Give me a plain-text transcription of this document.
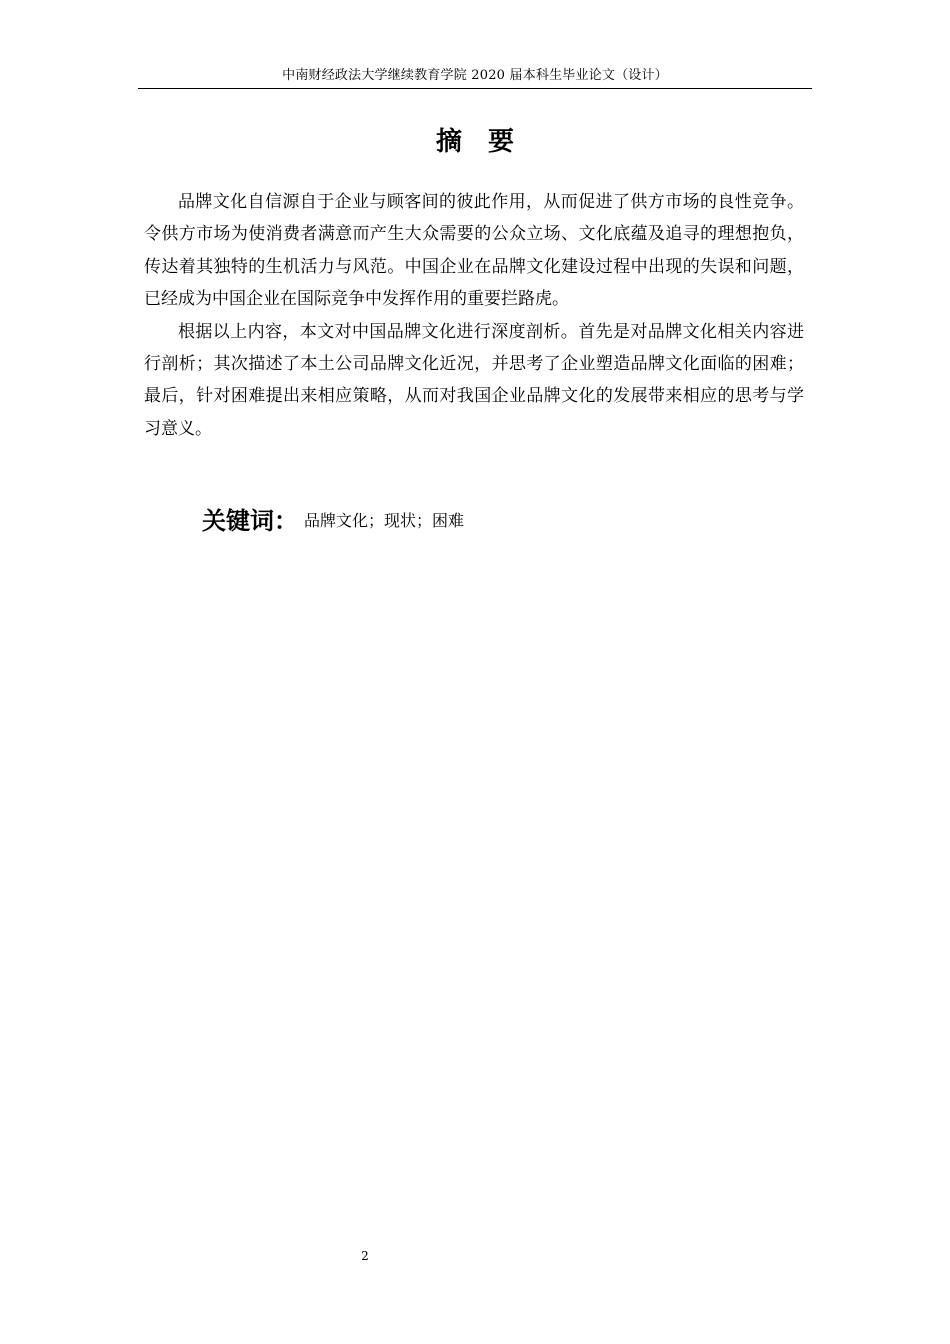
中南财经政法大学继续教育学院 2020 届本科生毕业论文（设计）
摘要

品牌文化自信源自于企业与顾客间的彼此作用，从而促进了供方市场的良性竞争。令供方市场为使消费者满意而产生大众需要的公众立场、文化底蕴及追寻的理想抱负，传达着其独特的生机活力与风范。中国企业在品牌文化建设过程中出现的失误和问题，已经成为中国企业在国际竞争中发挥作用的重要拦路虎。

根据以上内容，本文对中国品牌文化进行深度剖析。首先是对品牌文化相关内容进行剖析；其次描述了本土公司品牌文化近况，并思考了企业塑造品牌文化面临的困难；最后，针对困难提出来相应策略，从而对我国企业品牌文化的发展带来相应的思考与学习意义。

关键词： 品牌文化；现状；困难
2
